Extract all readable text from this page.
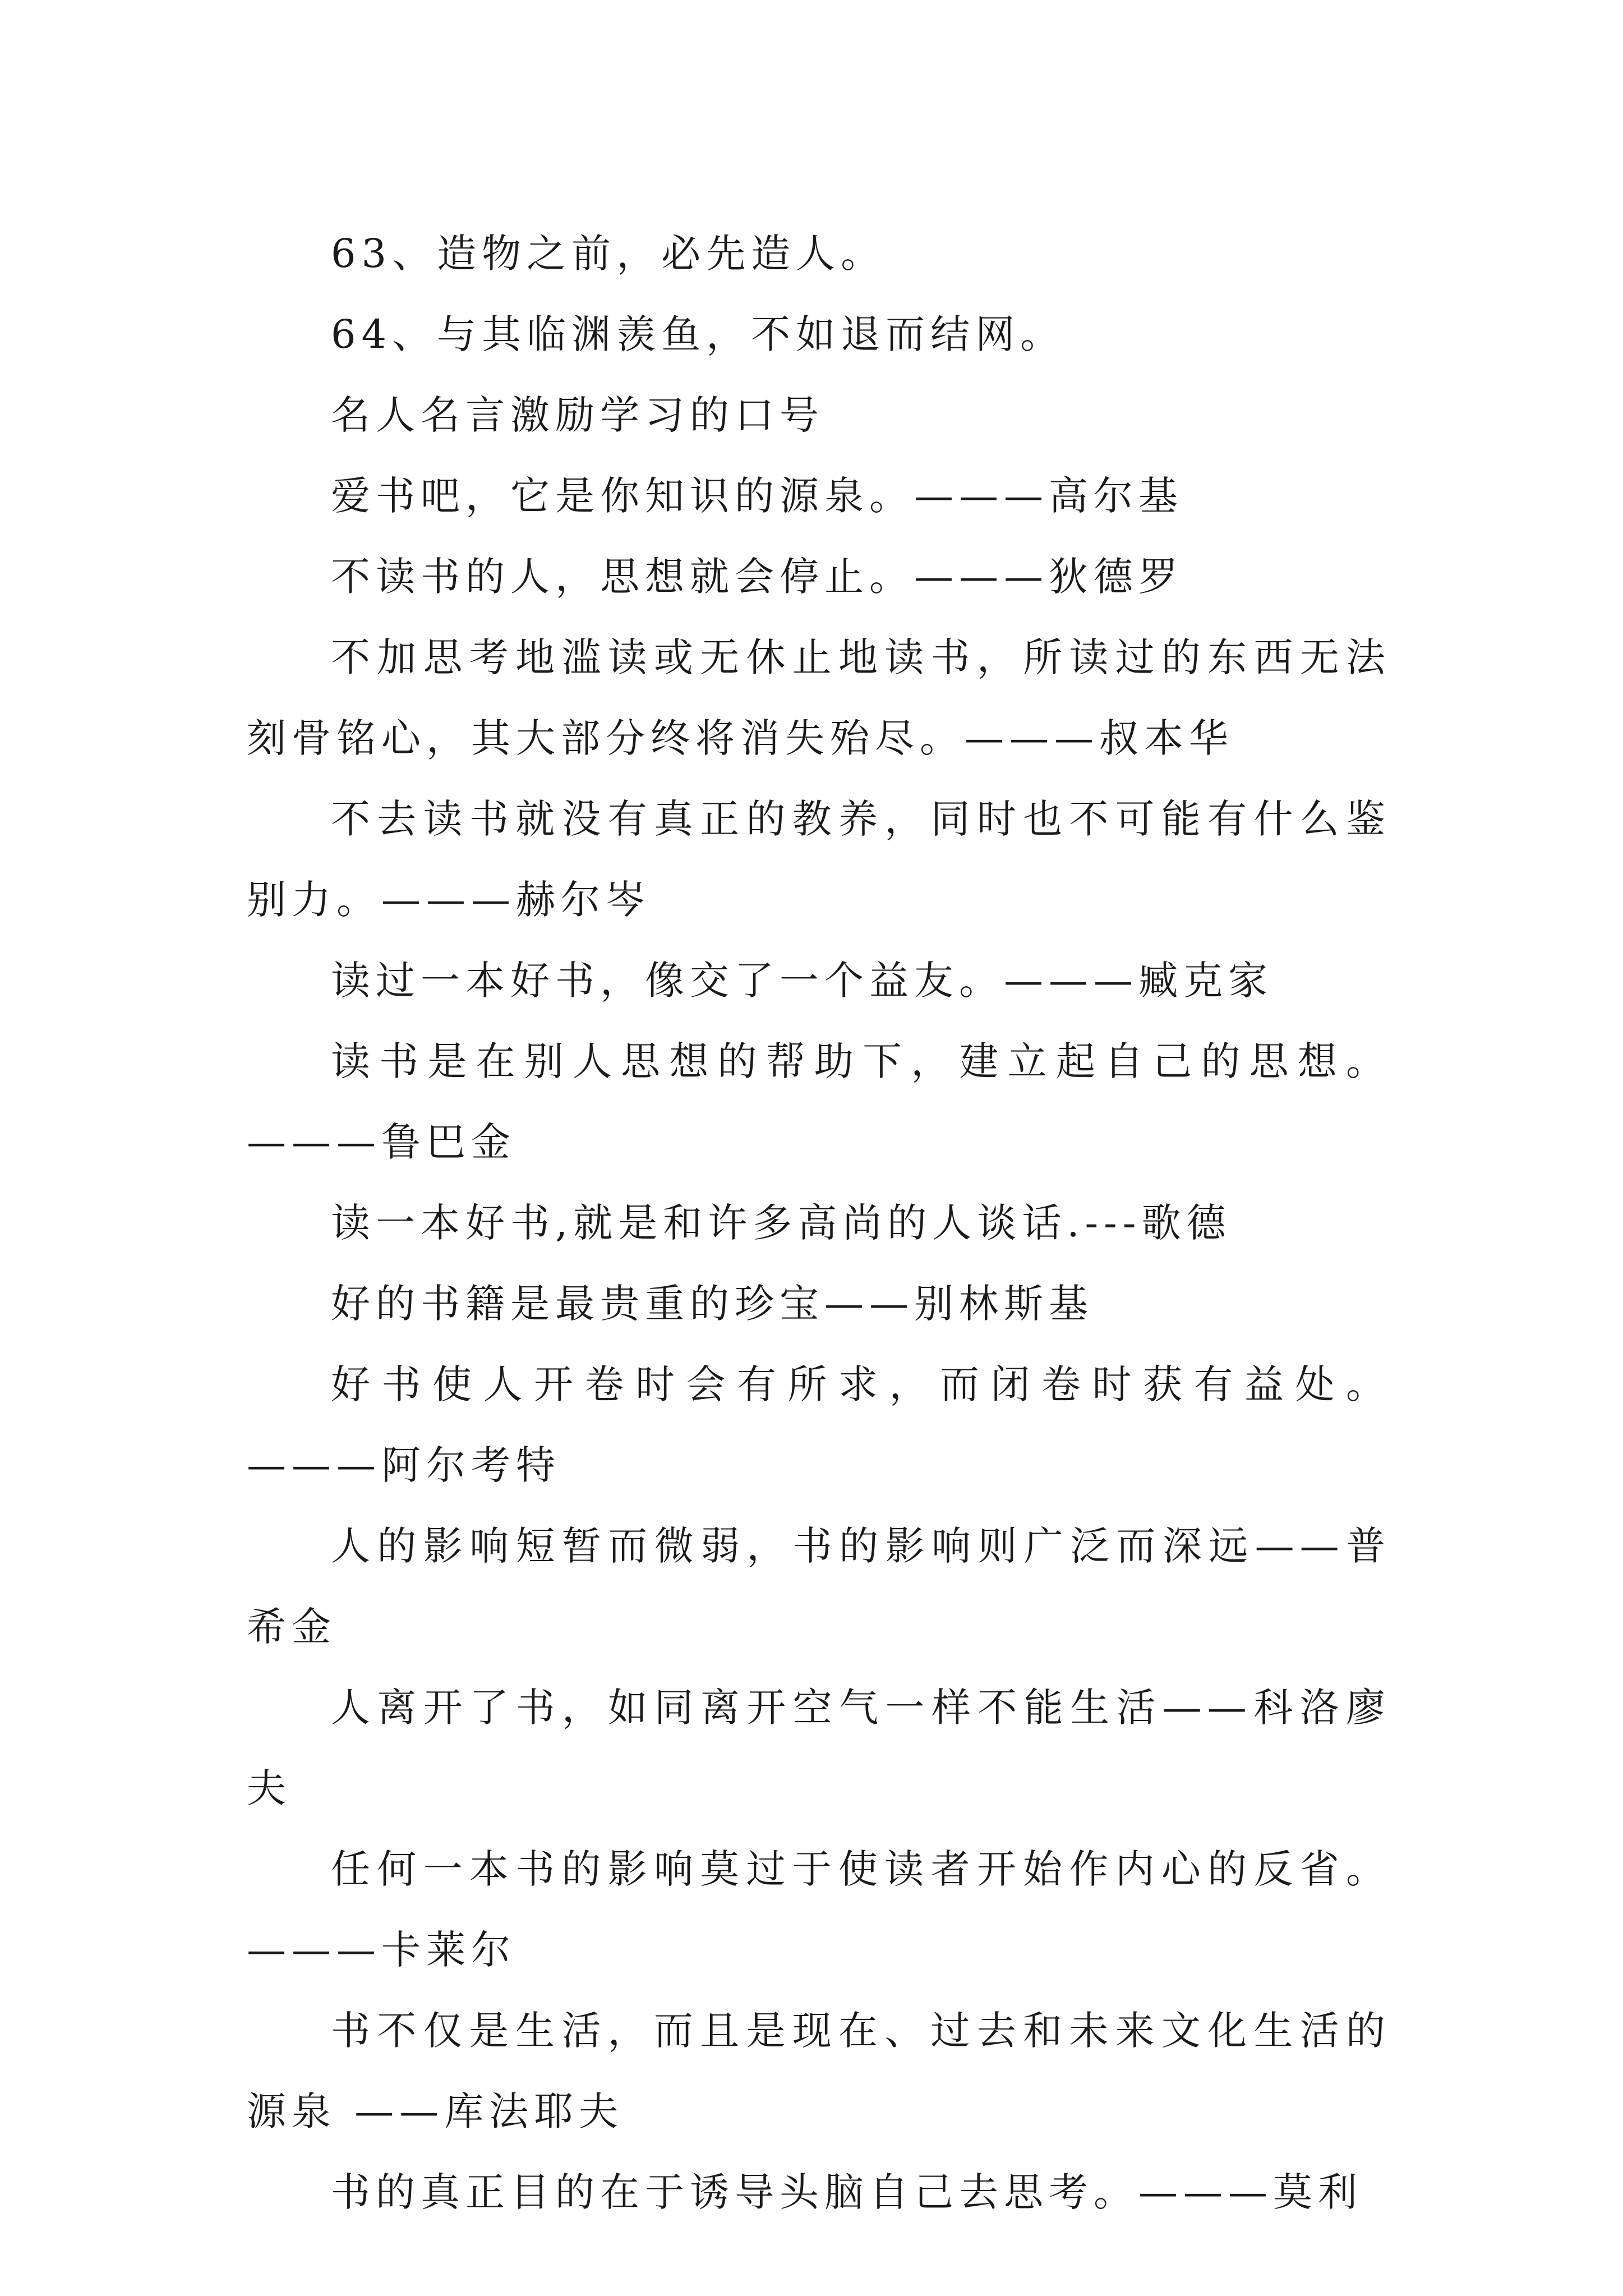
63、造物之前，必先造人。

64、与其临渊羡鱼，不如退而结网。

名人名言激励学习的口号

爱书吧，它是你知识的源泉。———高尔基

不读书的人，思想就会停止。———狄德罗

不加思考地滥读或无休止地读书，所读过的东西无法刻骨铭心，其大部分终将消失殆尽。———叔本华

不去读书就没有真正的教养，同时也不可能有什么鉴别力。———赫尔岑

读过一本好书，像交了一个益友。———臧克家

读书是在别人思想的帮助下，建立起自己的思想。———鲁巴金

读一本好书,就是和许多高尚的人谈话.---歌德

好的书籍是最贵重的珍宝——别林斯基

好书使人开卷时会有所求，而闭卷时获有益处。———阿尔考特

人的影响短暂而微弱，书的影响则广泛而深远——普希金

人离开了书，如同离开空气一样不能生活——科洛廖夫

任何一本书的影响莫过于使读者开始作内心的反省。———卡莱尔

书不仅是生活，而且是现在、过去和未来文化生活的源泉 ——库法耶夫

书的真正目的在于诱导头脑自己去思考。———莫利
